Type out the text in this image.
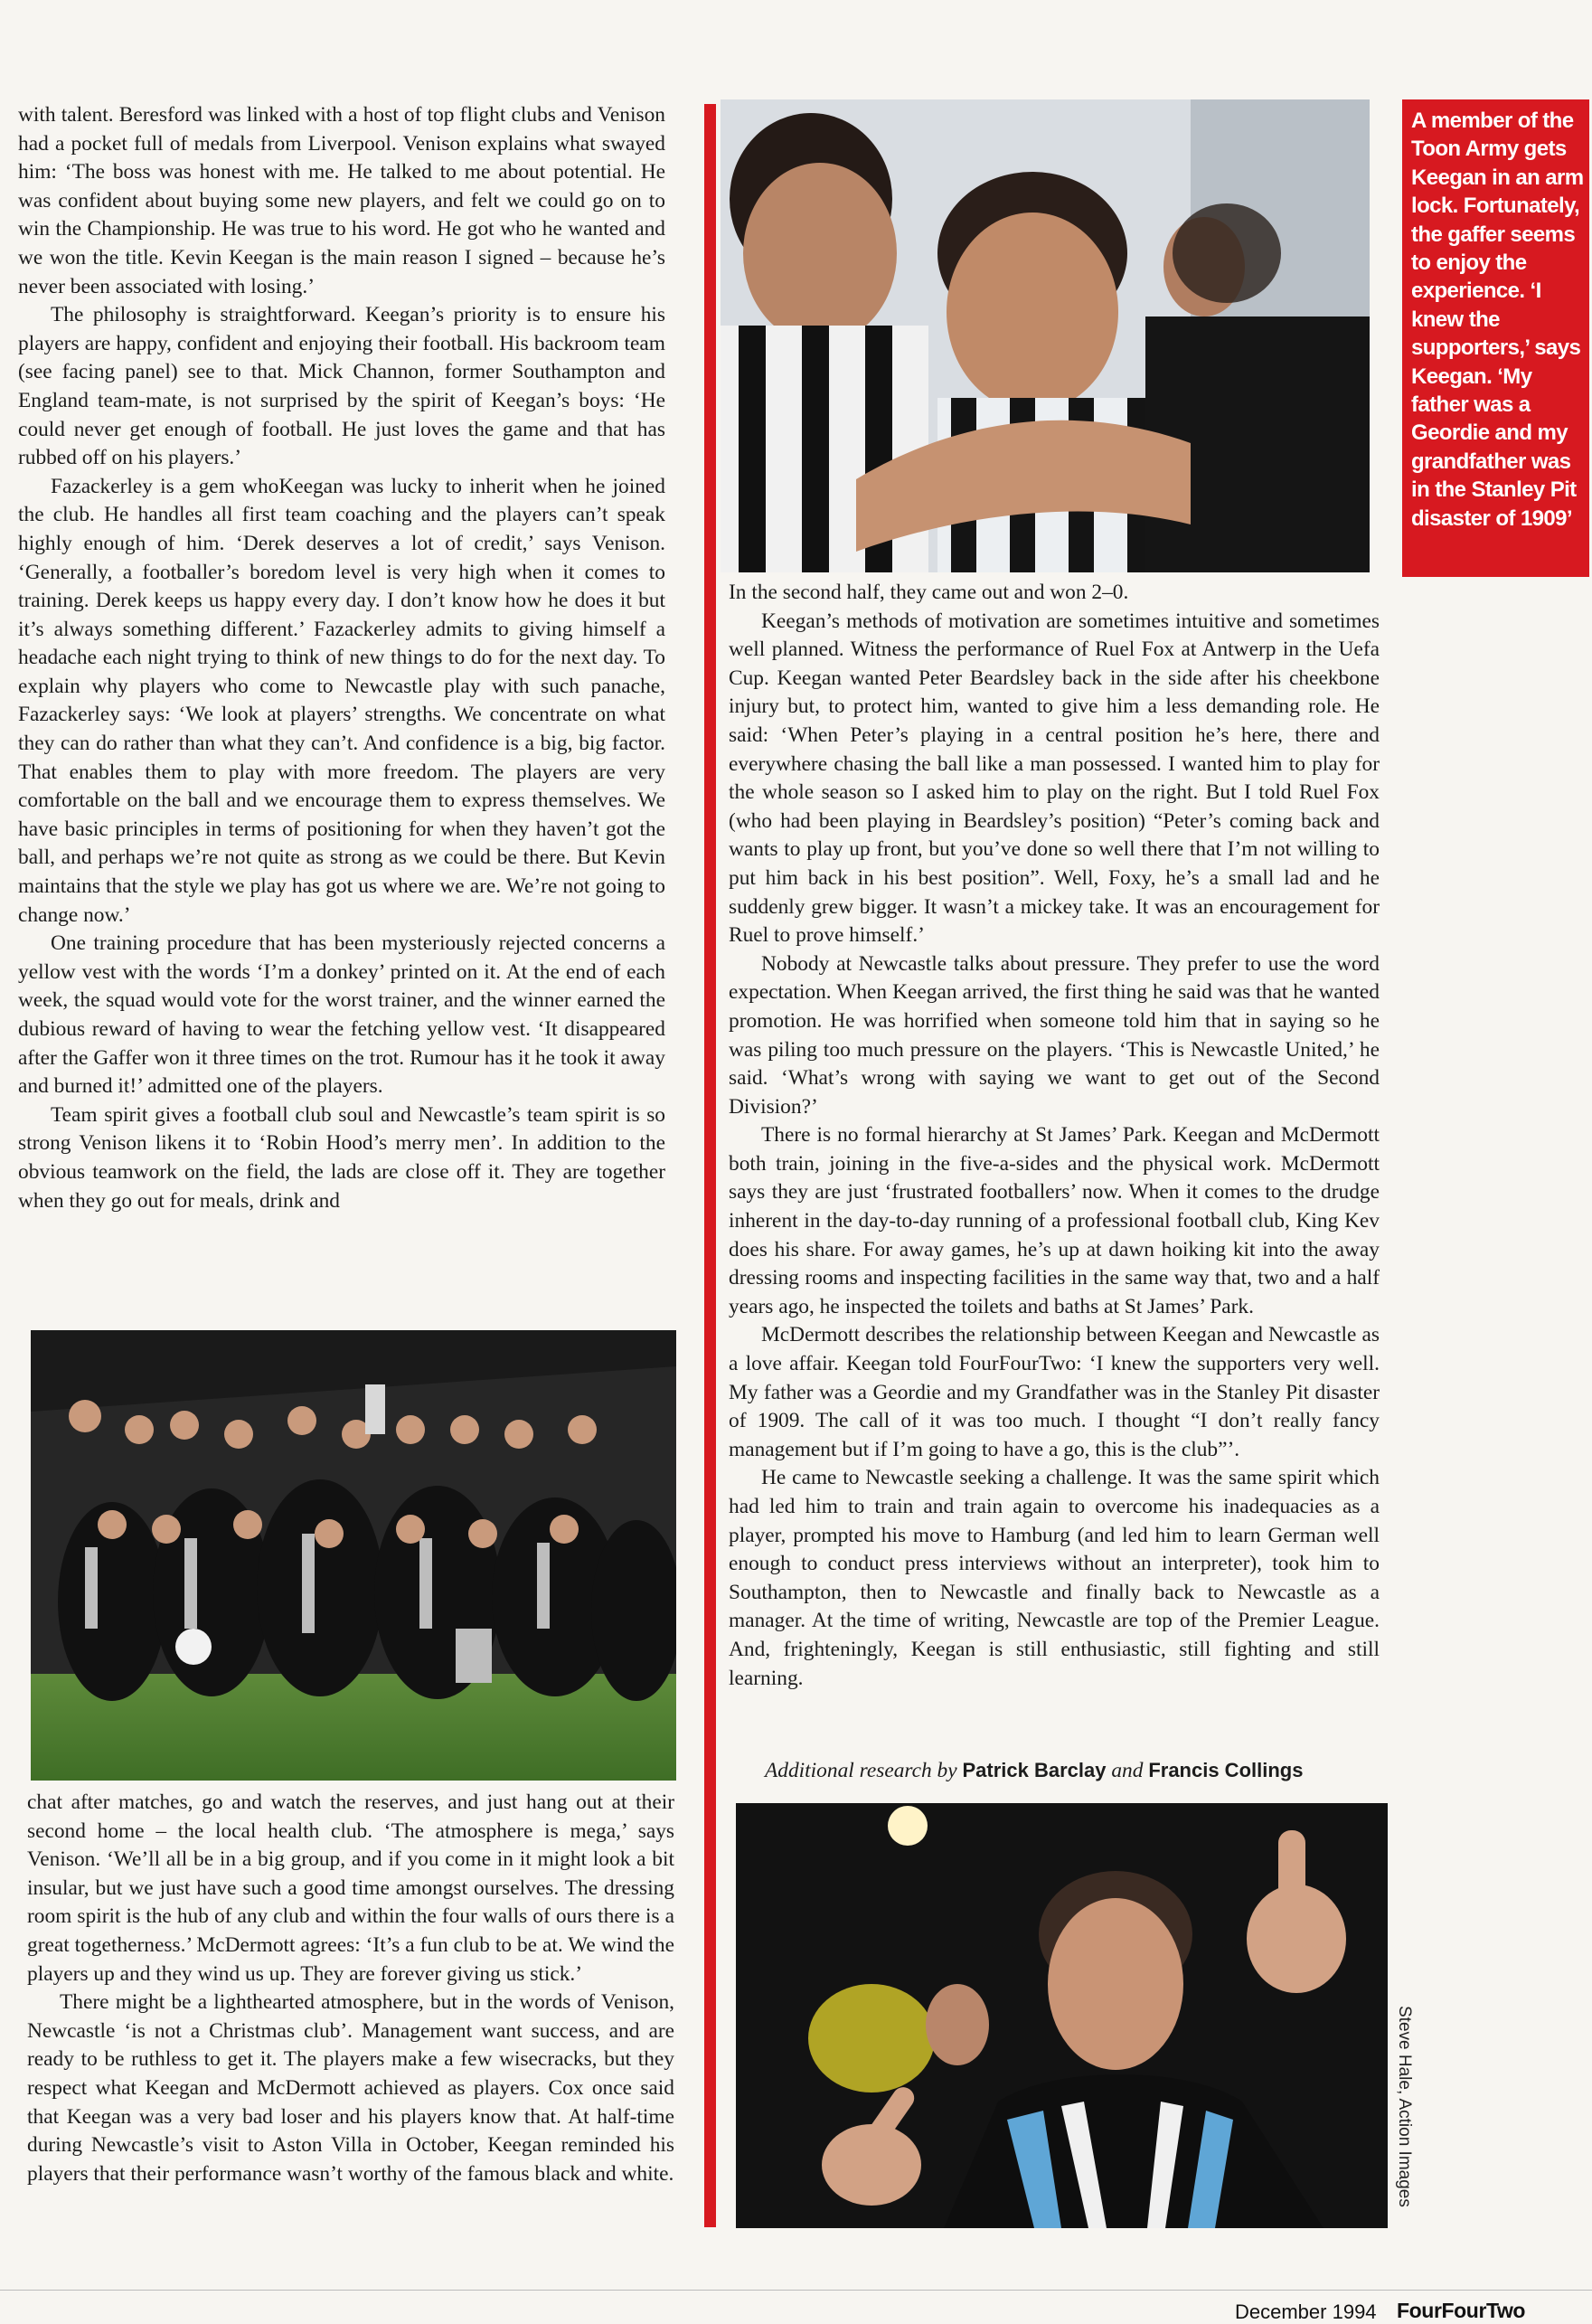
with talent. Beresford was linked with a host of top flight clubs and Venison had a pocket full of medals from Liverpool. Venison explains what swayed him: ‘The boss was honest with me. He talked to me about potential. He was confident about buying some new players, and felt we could go on to win the Championship. He was true to his word. He got who he wanted and we won the title. Kevin Keegan is the main reason I signed – because he’s never been associated with losing.’

The philosophy is straightforward. Keegan’s priority is to ensure his players are happy, confident and enjoying their football. His backroom team (see facing panel) see to that. Mick Channon, former Southampton and England team-mate, is not surprised by the spirit of Keegan’s boys: ‘He could never get enough of football. He just loves the game and that has rubbed off on his players.’

Fazackerley is a gem whoKeegan was lucky to inherit when he joined the club. He handles all first team coaching and the players can’t speak highly enough of him. ‘Derek deserves a lot of credit,’ says Venison. ‘Generally, a footballer’s boredom level is very high when it comes to training. Derek keeps us happy every day. I don’t know how he does it but it’s always something different.’ Fazackerley admits to giving himself a headache each night trying to think of new things to do for the next day. To explain why players who come to Newcastle play with such panache, Fazackerley says: ‘We look at players’ strengths. We concentrate on what they can do rather than what they can’t. And confidence is a big, big factor. That enables them to play with more freedom. The players are very comfortable on the ball and we encourage them to express themselves. We have basic principles in terms of positioning for when they haven’t got the ball, and perhaps we’re not quite as strong as we could be there. But Kevin maintains that the style we play has got us where we are. We’re not going to change now.’

One training procedure that has been mysteriously rejected concerns a yellow vest with the words ‘I’m a donkey’ printed on it. At the end of each week, the squad would vote for the worst trainer, and the winner earned the dubious reward of having to wear the fetching yellow vest. ‘It disappeared after the Gaffer won it three times on the trot. Rumour has it he took it away and burned it!’ admitted one of the players.

Team spirit gives a football club soul and Newcastle’s team spirit is so strong Venison likens it to ‘Robin Hood’s merry men’. In addition to the obvious teamwork on the field, the lads are close off it. They are together when they go out for meals, drink and

chat after matches, go and watch the reserves, and just hang out at their second home – the local health club. ‘The atmosphere is mega,’ says Venison. ‘We’ll all be in a big group, and if you come in it might look a bit insular, but we just have such a good time amongst ourselves. The dressing room spirit is the hub of any club and within the four walls of ours there is a great togetherness.’ McDermott agrees: ‘It’s a fun club to be at. We wind the players up and they wind us up. They are forever giving us stick.’

There might be a lighthearted atmosphere, but in the words of Venison, Newcastle ‘is not a Christmas club’. Management want success, and are ready to be ruthless to get it. The players make a few wisecracks, but they respect what Keegan and McDermott achieved as players. Cox once said that Keegan was a very bad loser and his players know that. At half-time during Newcastle’s visit to Aston Villa in October, Keegan reminded his players that their performance wasn’t worthy of the famous black and white.

A member of the Toon Army gets Keegan in an arm lock. Fortunately, the gaffer seems to enjoy the experience. ‘I knew the supporters,’ says Keegan. ‘My father was a Geordie and my grandfather was in the Stanley Pit disaster of 1909’

In the second half, they came out and won 2–0.

Keegan’s methods of motivation are sometimes intuitive and sometimes well planned. Witness the performance of Ruel Fox at Antwerp in the Uefa Cup. Keegan wanted Peter Beardsley back in the side after his cheekbone injury but, to protect him, wanted to give him a less demanding role. He said: ‘When Peter’s playing in a central position he’s here, there and everywhere chasing the ball like a man possessed. I wanted him to play for the whole season so I asked him to play on the right. But I told Ruel Fox (who had been playing in Beardsley’s position) “Peter’s coming back and wants to play up front, but you’ve done so well there that I’m not willing to put him back in his best position”. Well, Foxy, he’s a small lad and he suddenly grew bigger. It wasn’t a mickey take. It was an encouragement for Ruel to prove himself.’

Nobody at Newcastle talks about pressure. They prefer to use the word expectation. When Keegan arrived, the first thing he said was that he wanted promotion. He was horrified when someone told him that in saying so he was piling too much pressure on the players. ‘This is Newcastle United,’ he said. ‘What’s wrong with saying we want to get out of the Second Division?’

There is no formal hierarchy at St James’ Park. Keegan and McDermott both train, joining in the five-a-sides and the physical work. McDermott says they are just ‘frustrated footballers’ now. When it comes to the drudge inherent in the day-to-day running of a professional football club, King Kev does his share. For away games, he’s up at dawn hoiking kit into the away dressing rooms and inspecting facilities in the same way that, two and a half years ago, he inspected the toilets and baths at St James’ Park.

McDermott describes the relationship between Keegan and Newcastle as a love affair. Keegan told FourFourTwo: ‘I knew the supporters very well. My father was a Geordie and my Grandfather was in the Stanley Pit disaster of 1909. The call of it was too much. I thought “I don’t really fancy management but if I’m going to have a go, this is the club”’.

He came to Newcastle seeking a challenge. It was the same spirit which had led him to train and train again to overcome his inadequacies as a player, prompted his move to Hamburg (and led him to learn German well enough to conduct press interviews without an interpreter), took him to Southampton, then to Newcastle and finally back to Newcastle as a manager. At the time of writing, Newcastle are top of the Premier League. And, frighteningly, Keegan is still enthusiastic, still fighting and still learning.

Additional research by Patrick Barclay and Francis Collings
Steve Hale, Action Images
December 1994 FourFourTwo
